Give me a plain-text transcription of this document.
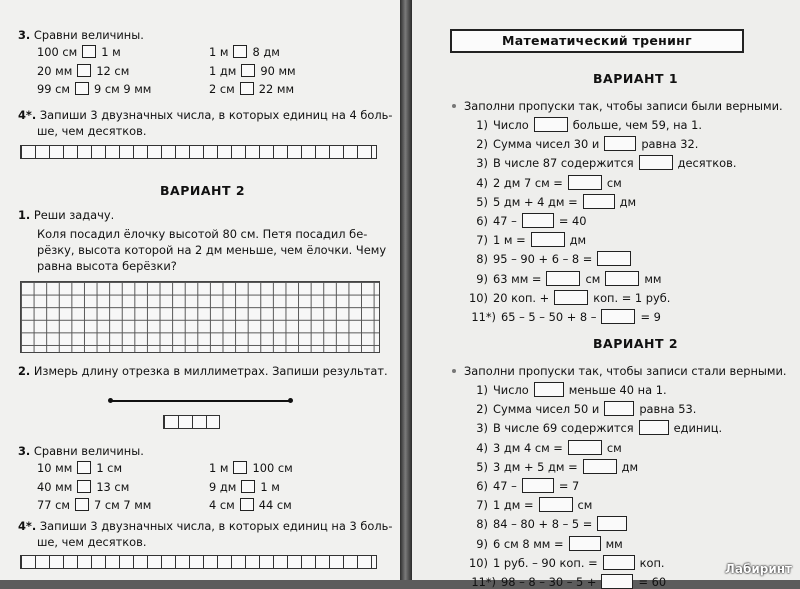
3. Сравни величины.
100 см 1 м	1 м 8 дм
20 мм 12 см	1 дм 90 мм
99 см 9 см 9 мм	2 см 22 мм
4*. Запиши 3 двузначных числа, в которых единиц на 4 боль-
ше, чем десятков.
ВАРИАНТ 2
1. Реши задачу.
Коля посадил ёлочку высотой 80 см. Петя посадил бе-
рёзку, высота которой на 2 дм меньше, чем ёлочки. Чему
равна высота берёзки?
2. Измерь длину отрезка в миллиметрах. Запиши результат.
3. Сравни величины.
10 мм 1 см	1 м 100 см
40 мм 13 см	9 дм 1 м
77 см 7 см 7 мм	4 см 44 см
4*. Запиши 3 двузначных числа, в которых единиц на 3 боль-
ше, чем десятков.
Математический тренинг
ВАРИАНТ 1
Заполни пропуски так, чтобы записи были верными.
1) Число	больше, чем 59, на 1.
2) Сумма чисел 30 и	равна 32.
3) В числе 87 содержится	десятков.
4) 2 дм 7 см =	см
5) 5 дм + 4 дм =	дм
6) 47 –	= 40
7) 1 м =	дм
8) 95 – 90 + 6 – 8 =
9) 63 мм =	см	мм
10) 20 коп. +	коп. = 1 руб.
11*) 65 – 5 – 50 + 8 –	= 9
ВАРИАНТ 2
Заполни пропуски так, чтобы записи стали верными.
1) Число	меньше 40 на 1.
2) Сумма чисел 50 и	равна 53.
3) В числе 69 содержится	единиц.
4) 3 дм 4 см =	см
5) 3 дм + 5 дм =	дм
6) 47 –	= 7
7) 1 дм =	см
8) 84 – 80 + 8 – 5 =
9) 6 см 8 мм =	мм
10) 1 руб. – 90 коп. =	коп.
11*) 98 – 8 – 30 – 5 +	= 60
Лабиринт
